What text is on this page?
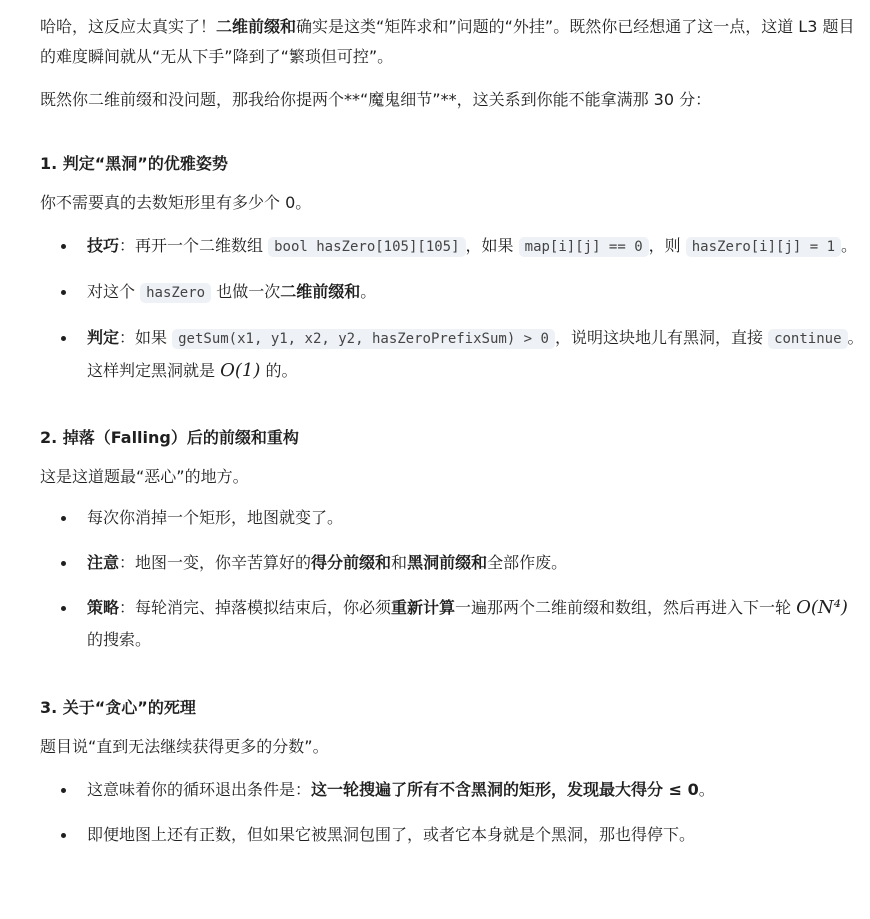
哈哈，这反应太真实了！二维前缀和确实是这类“矩阵求和”问题的“外挂”。既然你已经想通了这一点，这道 L3 题目的难度瞬间就从“无从下手”降到了“繁琐但可控”。

既然你二维前缀和没问题，那我给你提两个**“魔鬼细节”**，这关系到你能不能拿满那 30 分：

1. 判定“黑洞”的优雅姿势

你不需要真的去数矩形里有多少个 0。

技巧：再开一个二维数组 bool hasZero[105][105] ，如果 map[i][j] == 0 ，则 hasZero[i][j] = 1 。
对这个 hasZero 也做一次二维前缀和。
判定：如果 getSum(x1, y1, x2, y2, hasZeroPrefixSum) > 0 ，说明这块地儿有黑洞，直接 continue 。这样判定黑洞就是 O(1) 的。
2. 掉落（Falling）后的前缀和重构

这是这道题最“恶心”的地方。

每次你消掉一个矩形，地图就变了。
注意：地图一变，你辛苦算好的得分前缀和和黑洞前缀和全部作废。
策略：每轮消完、掉落模拟结束后，你必须重新计算一遍那两个二维前缀和数组，然后再进入下一轮 O(N⁴) 的搜索。
3. 关于“贪心”的死理

题目说“直到无法继续获得更多的分数”。

这意味着你的循环退出条件是：这一轮搜遍了所有不含黑洞的矩形，发现最大得分 ≤ 0。
即便地图上还有正数，但如果它被黑洞包围了，或者它本身就是个黑洞，那也得停下。
